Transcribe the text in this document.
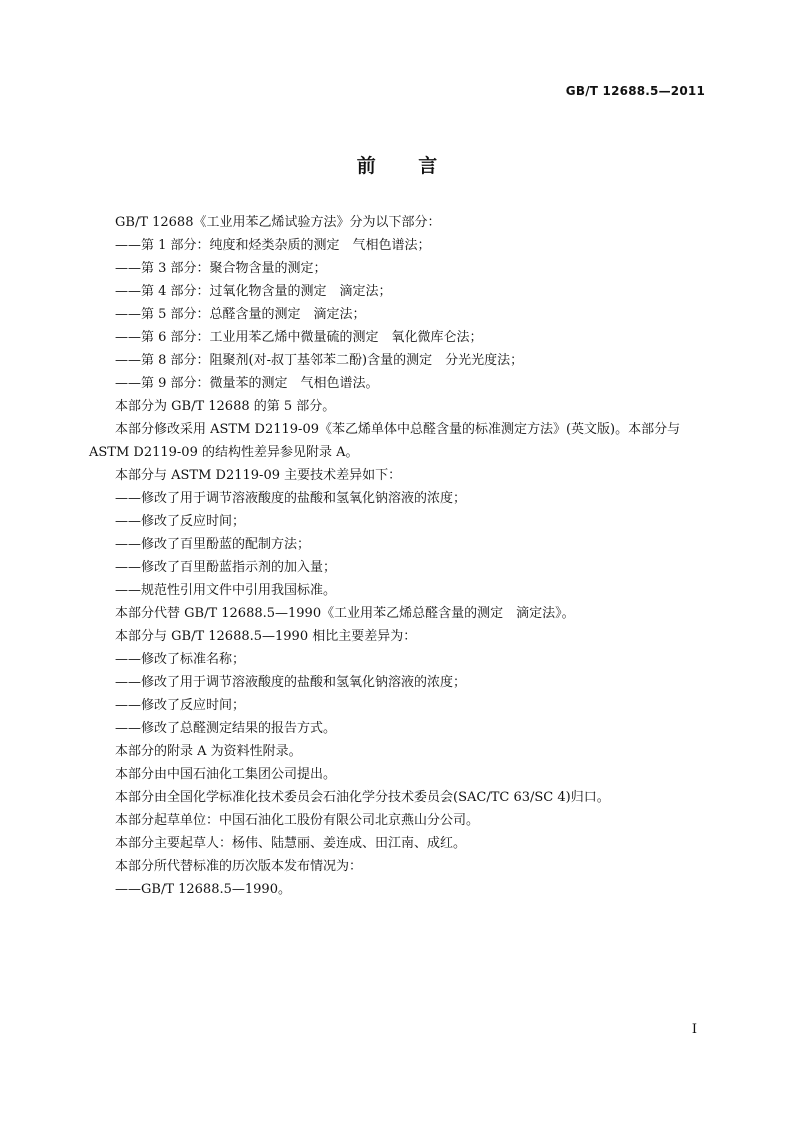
GB/T 12688.5—2011

前 言

GB/T 12688《工业用苯乙烯试验方法》分为以下部分：

——第 1 部分：纯度和烃类杂质的测定　气相色谱法；

——第 3 部分：聚合物含量的测定；

——第 4 部分：过氧化物含量的测定　滴定法；

——第 5 部分：总醛含量的测定　滴定法；

——第 6 部分：工业用苯乙烯中微量硫的测定　氧化微库仑法；

——第 8 部分：阻聚剂(对-叔丁基邻苯二酚)含量的测定　分光光度法；

——第 9 部分：微量苯的测定　气相色谱法。

本部分为 GB/T 12688 的第 5 部分。

本部分修改采用 ASTM D2119-09《苯乙烯单体中总醛含量的标准测定方法》(英文版)。本部分与 ASTM D2119-09 的结构性差异参见附录 A。

本部分与 ASTM D2119-09 主要技术差异如下：

——修改了用于调节溶液酸度的盐酸和氢氧化钠溶液的浓度；

——修改了反应时间；

——修改了百里酚蓝的配制方法；

——修改了百里酚蓝指示剂的加入量；

——规范性引用文件中引用我国标准。

本部分代替 GB/T 12688.5—1990《工业用苯乙烯总醛含量的测定　滴定法》。

本部分与 GB/T 12688.5—1990 相比主要差异为：

——修改了标准名称；

——修改了用于调节溶液酸度的盐酸和氢氧化钠溶液的浓度；

——修改了反应时间；

——修改了总醛测定结果的报告方式。

本部分的附录 A 为资料性附录。

本部分由中国石油化工集团公司提出。

本部分由全国化学标准化技术委员会石油化学分技术委员会(SAC/TC 63/SC 4)归口。

本部分起草单位：中国石油化工股份有限公司北京燕山分公司。

本部分主要起草人：杨伟、陆慧丽、姜连成、田江南、成红。

本部分所代替标准的历次版本发布情况为：

——GB/T 12688.5—1990。

I
